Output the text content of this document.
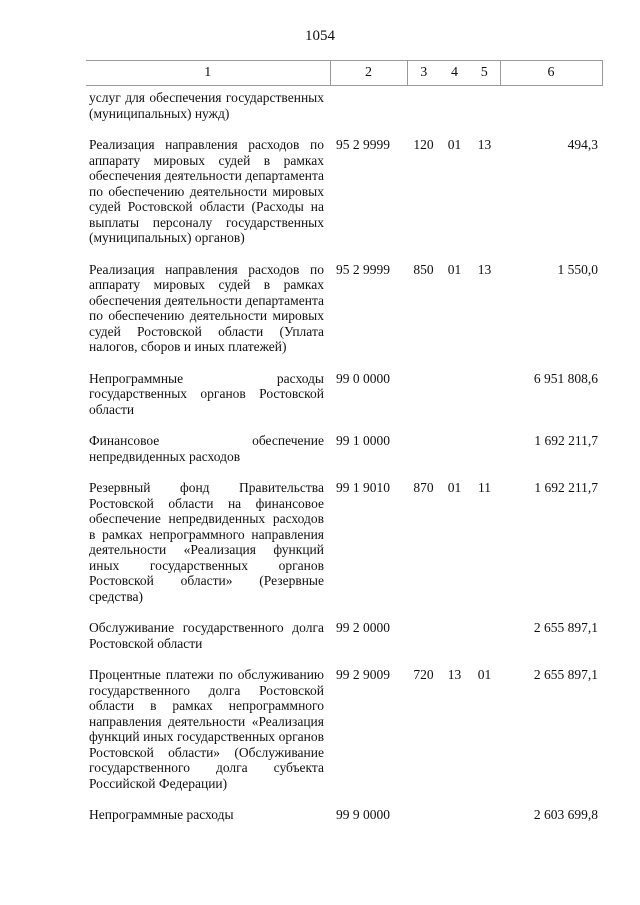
1054
1	2	3	4	5	6
услуг для обеспечения государственных (муниципальных) нужд)					
Реализация направления расходов по аппарату мировых судей в рамках обеспечения деятельности департамента по обеспечению деятельности мировых судей Ростовской области (Расходы на выплаты персоналу государственных (муниципальных) органов)	95 2 9999	120	01	13	494,3
Реализация направления расходов по аппарату мировых судей в рамках обеспечения деятельности департамента по обеспечению деятельности мировых судей Ростовской области (Уплата налогов, сборов и иных платежей)	95 2 9999	850	01	13	1 550,0
Непрограммные расходы государственных органов Ростовской области	99 0 0000				6 951 808,6
Финансовое обеспечение непредвиденных расходов	99 1 0000				1 692 211,7
Резервный фонд Правительства Ростовской области на финансовое обеспечение непредвиденных расходов в рамках непрограммного направления деятельности «Реализация функций иных государственных органов Ростовской области» (Резервные средства)	99 1 9010	870	01	11	1 692 211,7
Обслуживание государственного долга Ростовской области	99 2 0000				2 655 897,1
Процентные платежи по обслуживанию государственного долга Ростовской области в рамках непрограммного направления деятельности «Реализация функций иных государственных органов Ростовской области» (Обслуживание государственного долга субъекта Российской Федерации)	99 2 9009	720	13	01	2 655 897,1
Непрограммные расходы	99 9 0000				2 603 699,8
